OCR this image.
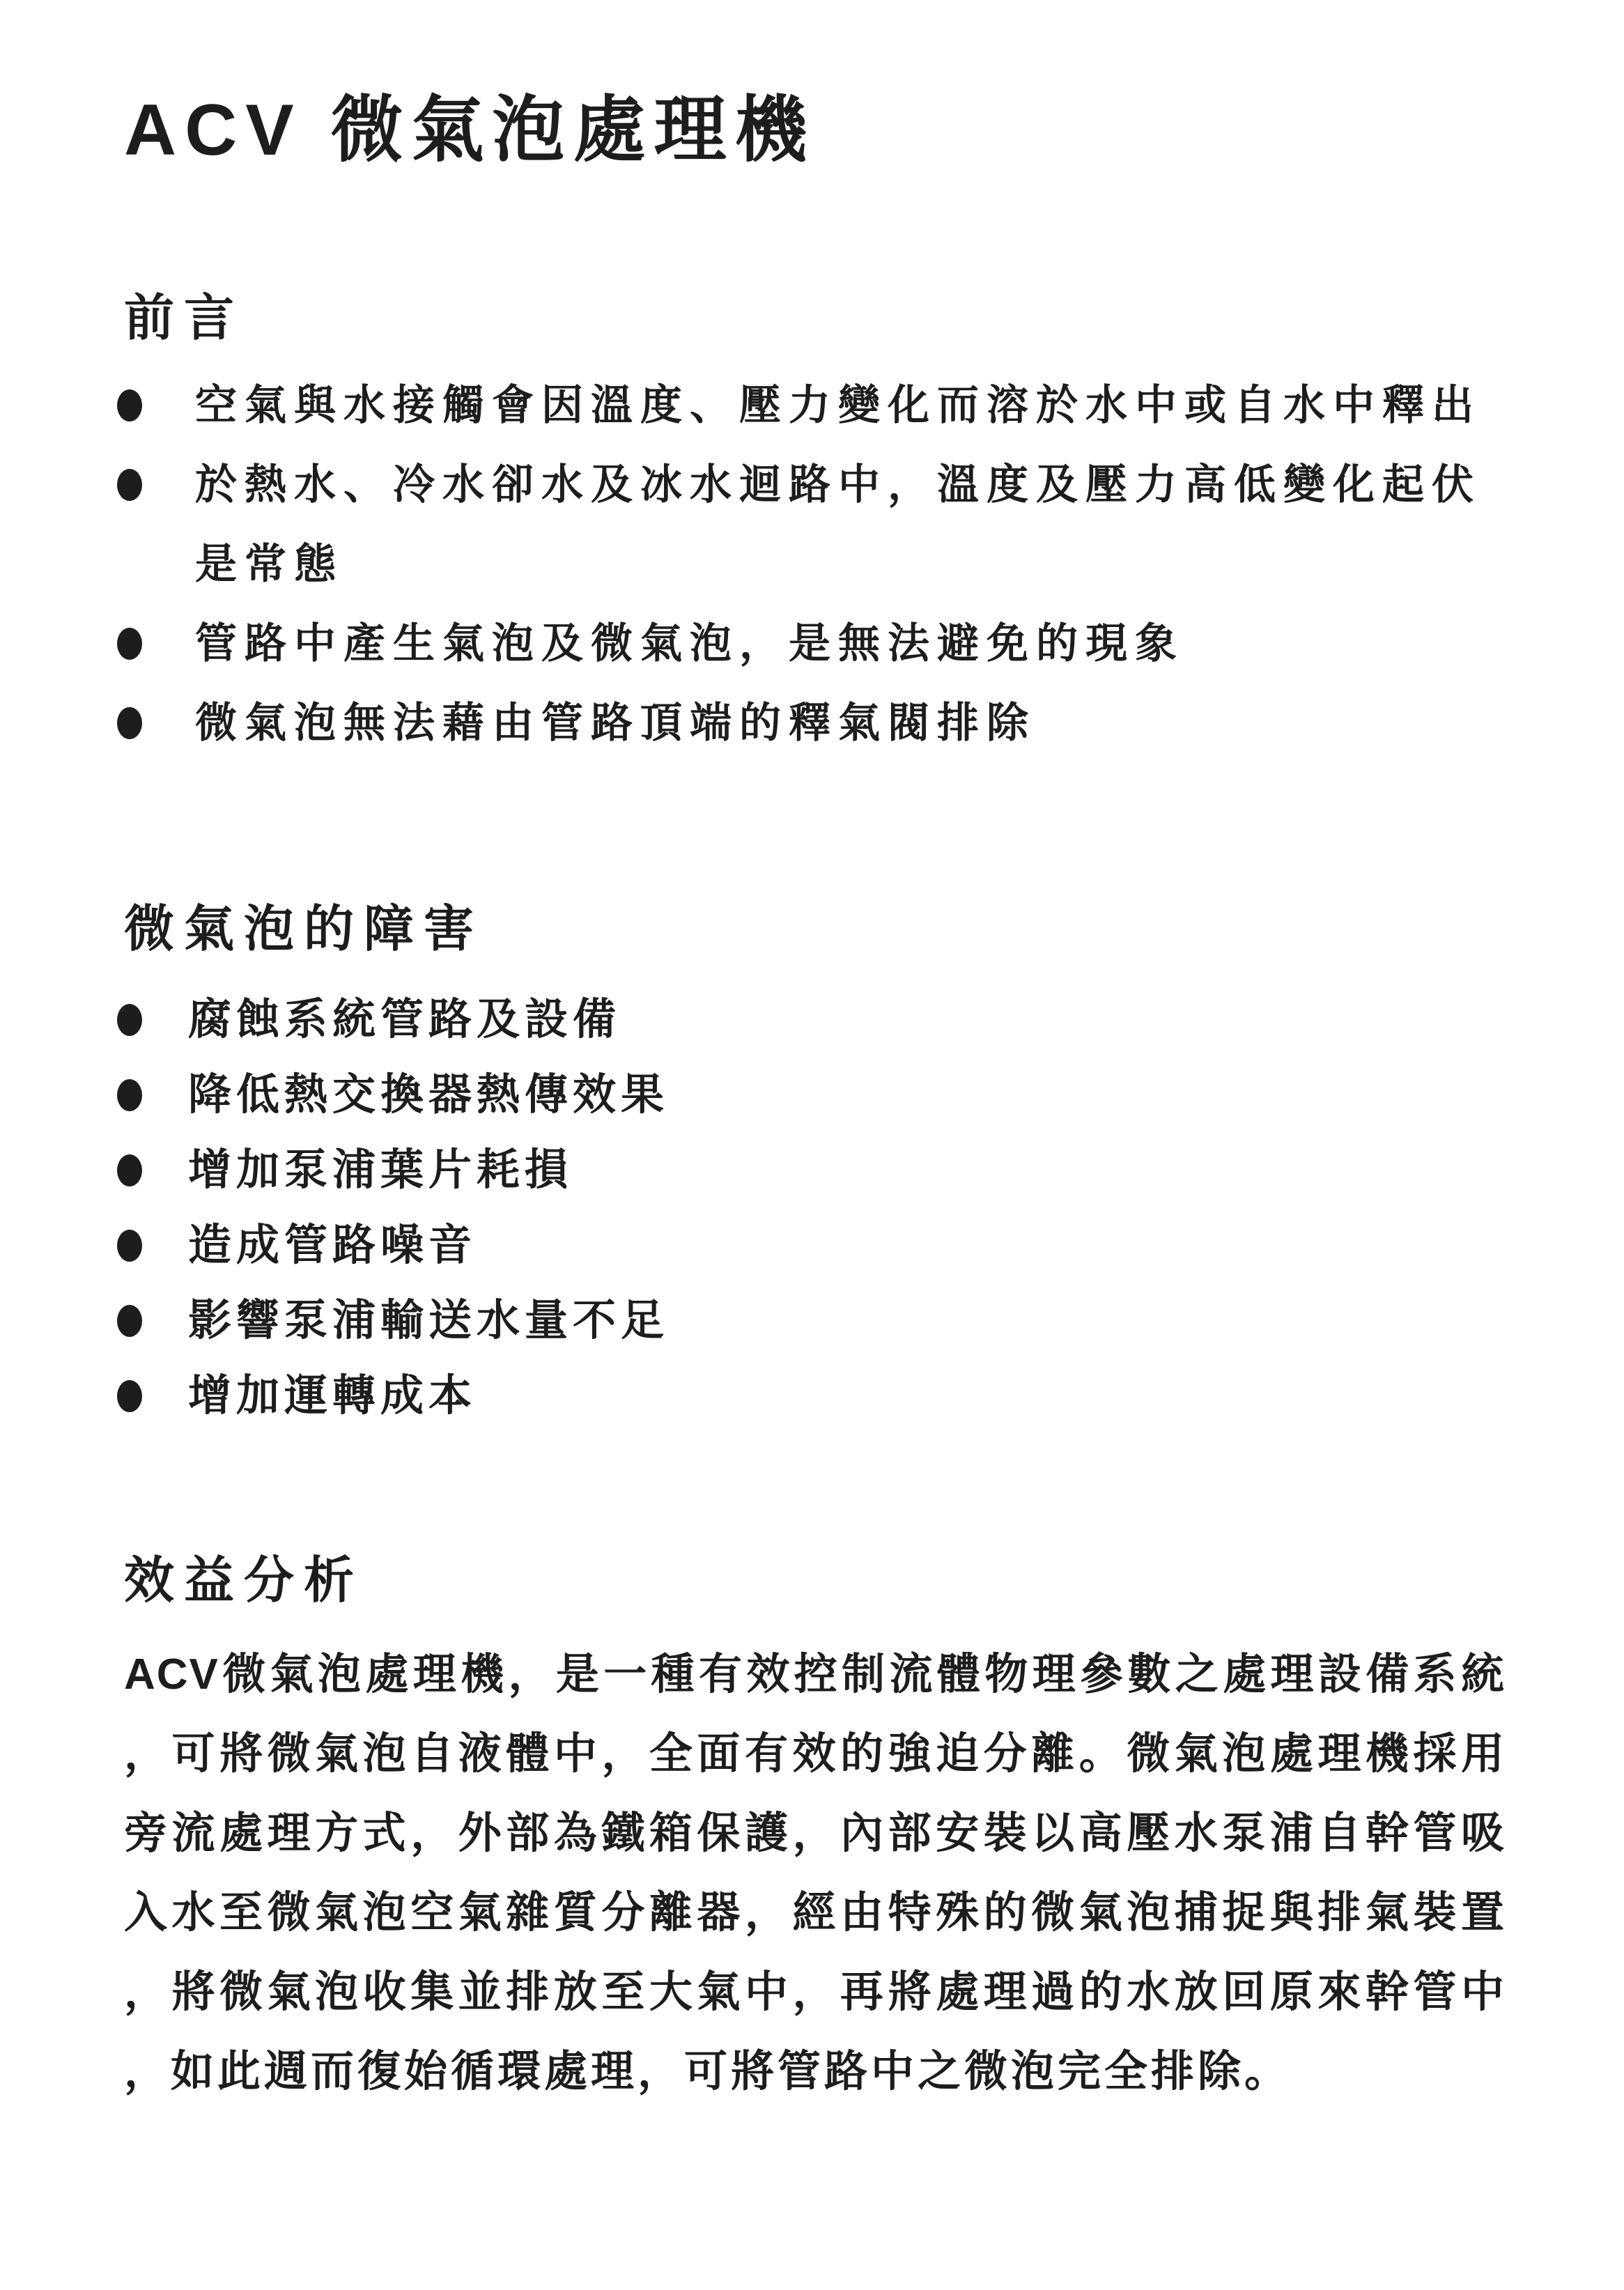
ACV 微氣泡處理機
前言
空氣與水接觸會因溫度、壓力變化而溶於水中或自水中釋出
於熱水、冷水卻水及冰水迴路中，溫度及壓力高低變化起伏
是常態
管路中產生氣泡及微氣泡，是無法避免的現象
微氣泡無法藉由管路頂端的釋氣閥排除
微氣泡的障害
腐蝕系統管路及設備
降低熱交換器熱傳效果
增加泵浦葉片耗損
造成管路噪音
影響泵浦輸送水量不足
增加運轉成本
效益分析
ACV微氣泡處理機，是一種有效控制流體物理參數之處理設備系統
，可將微氣泡自液體中，全面有效的強迫分離。微氣泡處理機採用
旁流處理方式，外部為鐵箱保護，內部安裝以高壓水泵浦自幹管吸
入水至微氣泡空氣雜質分離器，經由特殊的微氣泡捕捉與排氣裝置
，將微氣泡收集並排放至大氣中，再將處理過的水放回原來幹管中
，如此週而復始循環處理，可將管路中之微泡完全排除。
